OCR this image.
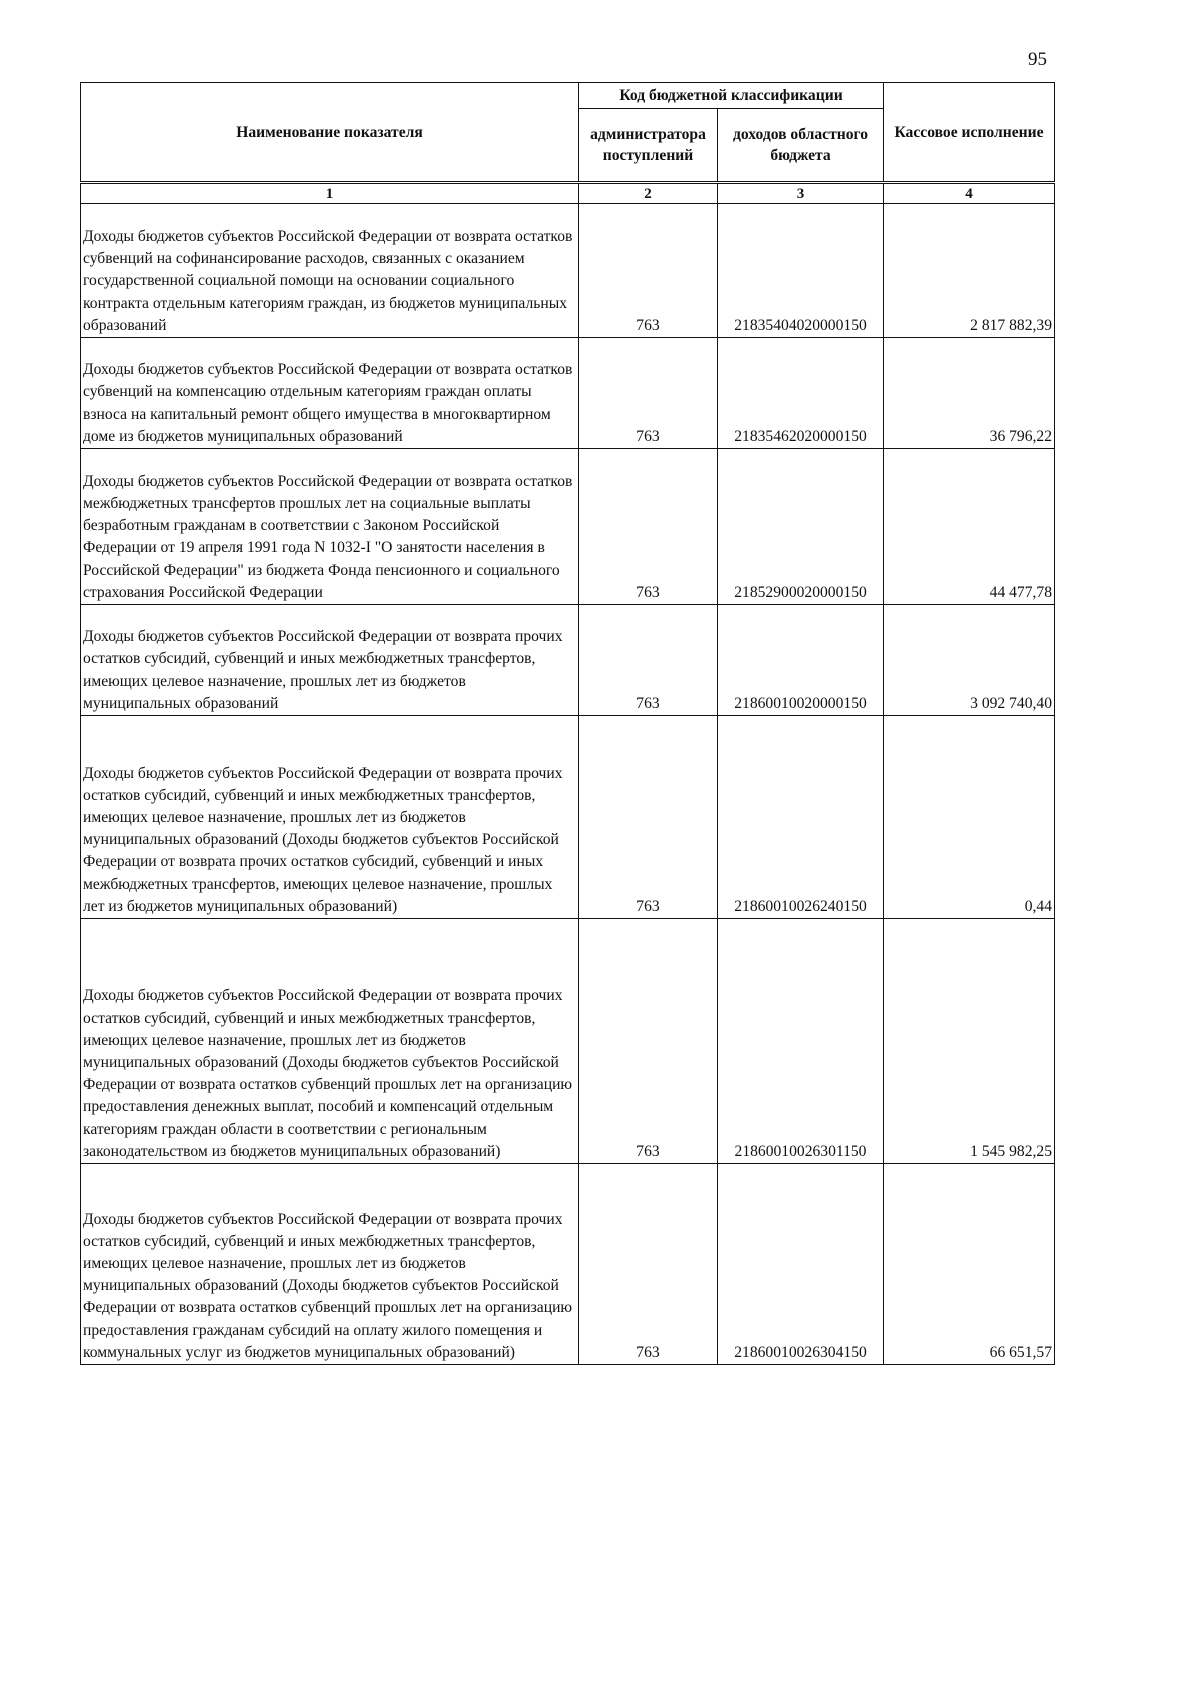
95
Наименование показателя	Код бюджетной классификации		Кассовое исполнение
	администратора поступлений	доходов областного бюджета	
1	2	3	4
Доходы бюджетов субъектов Российской Федерации от возврата остатков субвенций на софинансирование расходов, связанных с оказанием государственной социальной помощи на основании социального контракта отдельным категориям граждан, из бюджетов муниципальных образований	763	21835404020000150	2 817 882,39
Доходы бюджетов субъектов Российской Федерации от возврата остатков субвенций на компенсацию отдельным категориям граждан оплаты взноса на капитальный ремонт общего имущества в многоквартирном доме из бюджетов муниципальных образований	763	21835462020000150	36 796,22
Доходы бюджетов субъектов Российской Федерации от возврата остатков межбюджетных трансфертов прошлых лет на социальные выплаты безработным гражданам в соответствии с Законом Российской Федерации от 19 апреля 1991 года N 1032-I "О занятости населения в Российской Федерации" из бюджета Фонда пенсионного и социального страхования Российской Федерации	763	21852900020000150	44 477,78
Доходы бюджетов субъектов Российской Федерации от возврата прочих остатков субсидий, субвенций и иных межбюджетных трансфертов, имеющих целевое назначение, прошлых лет из бюджетов муниципальных образований	763	21860010020000150	3 092 740,40
Доходы бюджетов субъектов Российской Федерации от возврата прочих остатков субсидий, субвенций и иных межбюджетных трансфертов, имеющих целевое назначение, прошлых лет из бюджетов муниципальных образований (Доходы бюджетов субъектов Российской Федерации от возврата прочих остатков субсидий, субвенций и иных межбюджетных трансфертов, имеющих целевое назначение, прошлых лет из бюджетов муниципальных образований)	763	21860010026240150	0,44
Доходы бюджетов субъектов Российской Федерации от возврата прочих остатков субсидий, субвенций и иных межбюджетных трансфертов, имеющих целевое назначение, прошлых лет из бюджетов муниципальных образований (Доходы бюджетов субъектов Российской Федерации от возврата остатков субвенций прошлых лет на организацию предоставления денежных выплат, пособий и компенсаций отдельным категориям граждан области в соответствии с региональным законодательством из бюджетов муниципальных образований)	763	21860010026301150	1 545 982,25
Доходы бюджетов субъектов Российской Федерации от возврата прочих остатков субсидий, субвенций и иных межбюджетных трансфертов, имеющих целевое назначение, прошлых лет из бюджетов муниципальных образований (Доходы бюджетов субъектов Российской Федерации от возврата остатков субвенций прошлых лет на организацию предоставления гражданам субсидий на оплату жилого помещения и коммунальных услуг из бюджетов муниципальных образований)	763	21860010026304150	66 651,57
